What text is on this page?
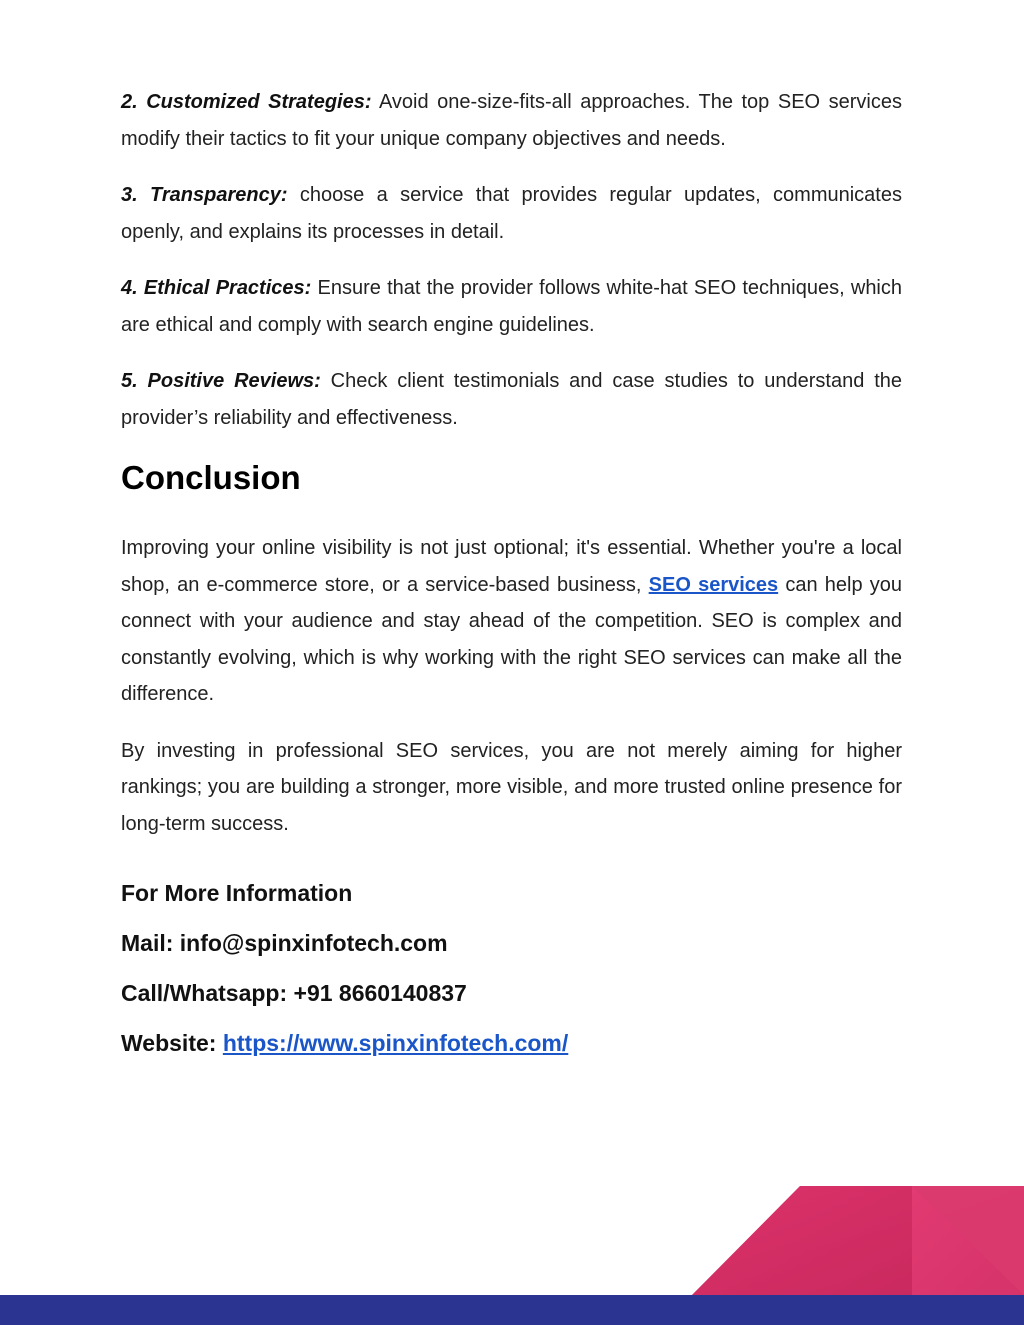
2. Customized Strategies: Avoid one-size-fits-all approaches. The top SEO services modify their tactics to fit your unique company objectives and needs.

3. Transparency: choose a service that provides regular updates, communicates openly, and explains its processes in detail.

4. Ethical Practices: Ensure that the provider follows white-hat SEO techniques, which are ethical and comply with search engine guidelines.

5. Positive Reviews: Check client testimonials and case studies to understand the provider’s reliability and effectiveness.

Conclusion

Improving your online visibility is not just optional; it's essential. Whether you're a local shop, an e-commerce store, or a service-based business, SEO services can help you connect with your audience and stay ahead of the competition. SEO is complex and constantly evolving, which is why working with the right SEO services can make all the difference.

By investing in professional SEO services, you are not merely aiming for higher rankings; you are building a stronger, more visible, and more trusted online presence for long-term success.

For More Information

Mail: info@spinxinfotech.com

Call/Whatsapp: +91 8660140837

Website: https://www.spinxinfotech.com/
